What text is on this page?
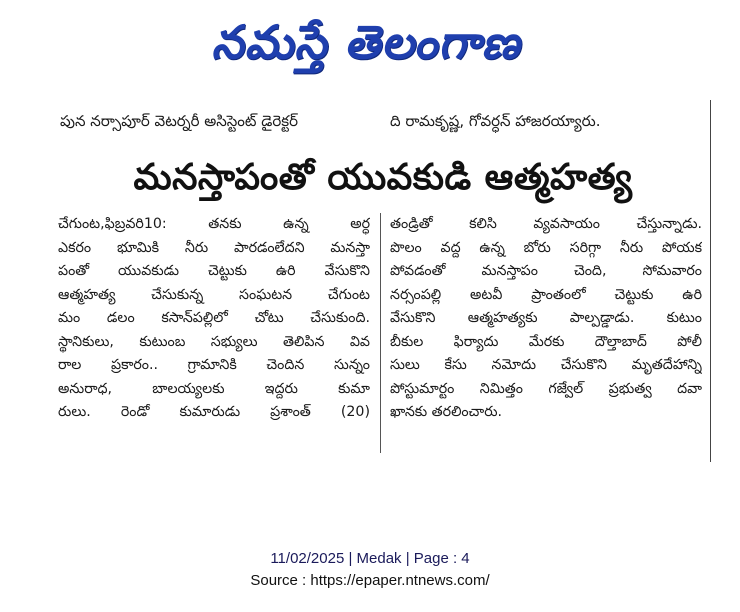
నమస్తే తెలంగాణ
పున నర్సాపూర్ వెటర్నరీ అసిస్టెంట్ డైరెక్టర్	ది రామకృష్ణ, గోవర్ధన్ హాజరయ్యారు.
మనస్తాపంతో యువకుడి ఆత్మహత్య
చేగుంట,ఫిబ్రవరి10: తనకు ఉన్న అర్ధ
ఎకరం భూమికి నీరు పారడంలేదని మనస్తా
పంతో యువకుడు చెట్టుకు ఉరి వేసుకొని
ఆత్మహత్య చేసుకున్న సంఘటన చేగుంట
మం డలం కసాన్‌పల్లిలో చోటు చేసుకుంది.
స్థానికులు, కుటుంబ సభ్యులు తెలిపిన వివ
రాల ప్రకారం.. గ్రామానికి చెందిన సున్నం
అనురాధ, బాలయ్యలకు ఇద్దరు కుమా
రులు. రెండో కుమారుడు ప్రశాంత్ (20)
తండ్రితో కలిసి వ్యవసాయం చేస్తున్నాడు.
పొలం వద్ద ఉన్న బోరు సరిగ్గా నీరు పోయక
పోవడంతో మనస్తాపం చెంది, సోమవారం
నర్సంపల్లి అటవీ ప్రాంతంలో చెట్టుకు ఉరి
వేసుకొని ఆత్మహత్యకు పాల్పడ్డాడు. కుటుం
బీకుల ఫిర్యాదు మేరకు దౌల్తాబాద్ పోలీ
సులు కేసు నమోదు చేసుకొని మృతదేహాన్ని
పోస్టుమార్టం నిమిత్తం గజ్వేల్ ప్రభుత్వ దవా
ఖానకు తరలించారు.
11/02/2025 | Medak | Page : 4
Source : https://epaper.ntnews.com/
